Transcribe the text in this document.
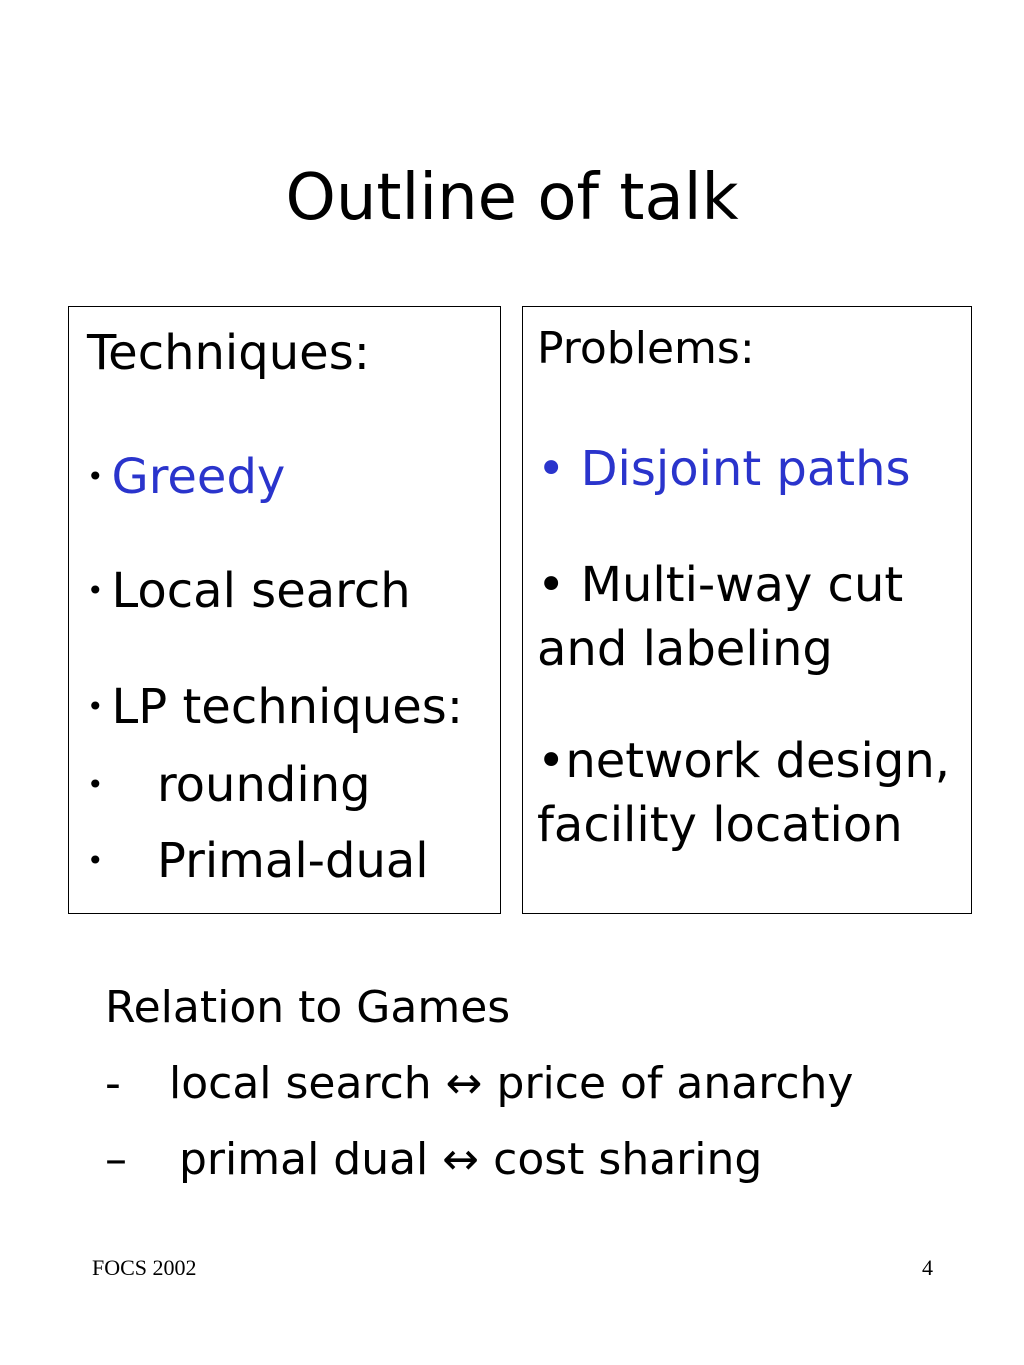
Outline of talk
Techniques:
• Greedy
• Local search
• LP techniques:
• rounding
• Primal-dual
Problems:
• Disjoint paths
• Multi-way cut
and labeling
•network design,
facility location
Relation to Games
- local search ↔ price of anarchy
– primal dual ↔ cost sharing
FOCS 2002	4
